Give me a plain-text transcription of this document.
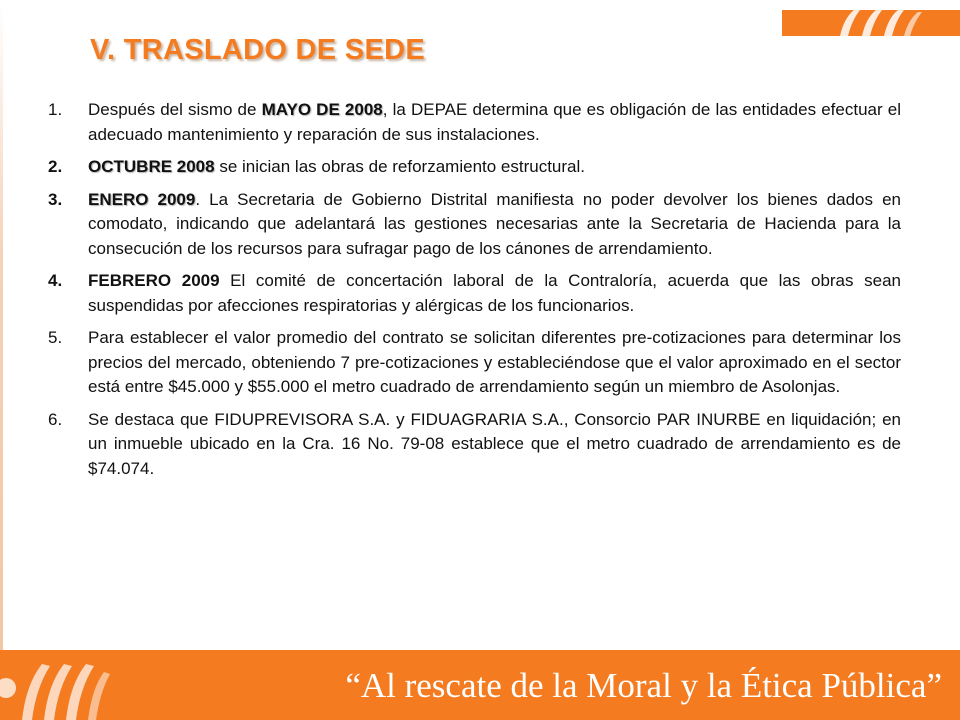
V. TRASLADO DE SEDE
1.	Después del sismo de MAYO DE 2008, la DEPAE determina que es obligación de las entidades efectuar el adecuado mantenimiento y reparación de sus instalaciones.
2.	OCTUBRE 2008 se inician las obras de reforzamiento estructural.
3.	ENERO 2009. La Secretaria de Gobierno Distrital manifiesta no poder devolver los bienes dados en comodato, indicando que adelantará las gestiones necesarias ante la Secretaria de Hacienda para la consecución de los recursos para sufragar pago de los cánones de arrendamiento.
4.	FEBRERO 2009 El comité de concertación laboral de la Contraloría, acuerda que las obras sean suspendidas por afecciones respiratorias y alérgicas de los funcionarios.
5.	Para establecer el valor promedio del contrato se solicitan diferentes pre-cotizaciones para determinar los precios del mercado, obteniendo 7 pre-cotizaciones y estableciéndose que el valor aproximado en el sector está entre $45.000 y $55.000 el metro cuadrado de arrendamiento según un miembro de Asolonjas.
6.	Se destaca que FIDUPREVISORA S.A. y FIDUAGRARIA S.A., Consorcio PAR INURBE en liquidación; en un inmueble ubicado en la Cra. 16 No. 79-08 establece que el metro cuadrado de arrendamiento es de $74.074.
“Al rescate de la Moral y la Ética Pública”
